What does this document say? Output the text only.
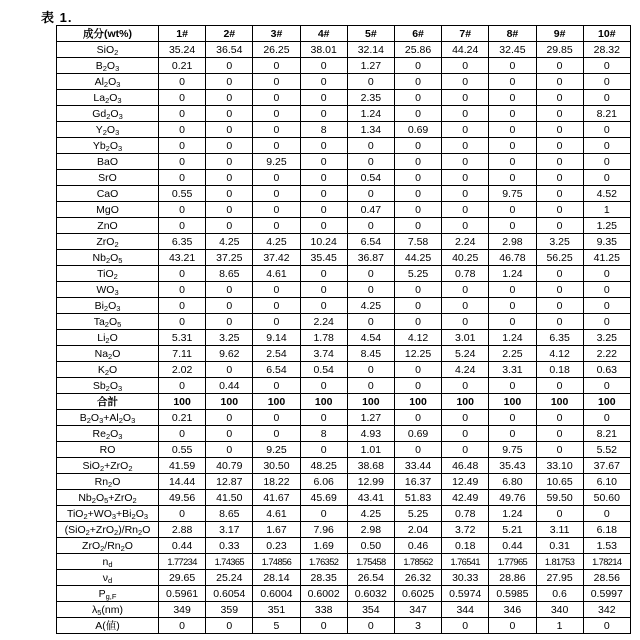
表 1.
成分(wt%)	1#	2#	3#	4#	5#	6#	7#	8#	9#	10#
SiO$_2$	35.24	36.54	26.25	38.01	32.14	25.86	44.24	32.45	29.85	28.32
$B_2O_3$	0.21	0	0	0	1.27	0	0	0	0	0
$Al_2O_3$	0	0	0	0	0	0	0	0	0	0
$La_2O_3$	0	0	0	0	2.35	0	0	0	0	0
$Gd_2O_3$	0	0	0	0	1.24	0	0	0	0	8.21
$Y_2O_3$	0	0	0	8	1.34	0.69	0	0	0	0
$Yb_2O_3$	0	0	0	0	0	0	0	0	0	0
BaO	0	0	9.25	0	0	0	0	0	0	0
SrO	0	0	0	0	0.54	0	0	0	0	0
CaO	0.55	0	0	0	0	0	0	9.75	0	4.52
MgO	0	0	0	0	0.47	0	0	0	0	1
ZnO	0	0	0	0	0	0	0	0	0	1.25
ZrO$_2$	6.35	4.25	4.25	10.24	6.54	7.58	2.24	2.98	3.25	9.35
$Nb_2O_5$	43.21	37.25	37.42	35.45	36.87	44.25	40.25	46.78	56.25	41.25
TiO$_2$	0	8.65	4.61	0	0	5.25	0.78	1.24	0	0
$WO_3$	0	0	0	0	0	0	0	0	0	0
$Bi_2O_3$	0	0	0	0	4.25	0	0	0	0	0
$Ta_2O_5$	0	0	0	2.24	0	0	0	0	0	0
$Li_2O$	5.31	3.25	9.14	1.78	4.54	4.12	3.01	1.24	6.35	3.25
$Na_2O$	7.11	9.62	2.54	3.74	8.45	12.25	5.24	2.25	4.12	2.22
$K_2O$	2.02	0	6.54	0.54	0	0	4.24	3.31	0.18	0.63
$Sb_2O_3$	0	0.44	0	0	0	0	0	0	0	0
合計	100	100	100	100	100	100	100	100	100	100
$B_2O_3+Al_2O_3$	0.21	0	0	0	1.27	0	0	0	0	0
$Re_2O_3$	0	0	0	8	4.93	0.69	0	0	0	8.21
RO	0.55	0	9.25	0	1.01	0	0	9.75	0	5.52
SiO$_2$+ZrO$_2$	41.59	40.79	30.50	48.25	38.68	33.44	46.48	35.43	33.10	37.67
$Rn_2O$	14.44	12.87	18.22	6.06	12.99	16.37	12.49	6.80	10.65	6.10
$Nb_2O_5+ZrO_2$	49.56	41.50	41.67	45.69	43.41	51.83	42.49	49.76	59.50	50.60
$TiO_2+WO_3+Bi_2O_3$	0	8.65	4.61	0	4.25	5.25	0.78	1.24	0	0
$(SiO_2+ZrO_2)/Rn_2O$	2.88	3.17	1.67	7.96	2.98	2.04	3.72	5.21	3.11	6.18
$ZrO_2/Rn_2O$	0.44	0.33	0.23	1.69	0.50	0.46	0.18	0.44	0.31	1.53
$n_d$	1.77234	1.74365	1.74856	1.76352	1.75458	1.78562	1.76541	1.77965	1.81753	1.78214
$\nu_d$	29.65	25.24	28.14	28.35	26.54	26.32	30.33	28.86	27.95	28.56
$P_{g,F}$	0.5961	0.6054	0.6004	0.6002	0.6032	0.6025	0.5974	0.5985	0.6	0.5997
$\lambda_5(nm)$	349	359	351	338	354	347	344	346	340	342
A(値)	0	0	5	0	0	3	0	0	1	0
